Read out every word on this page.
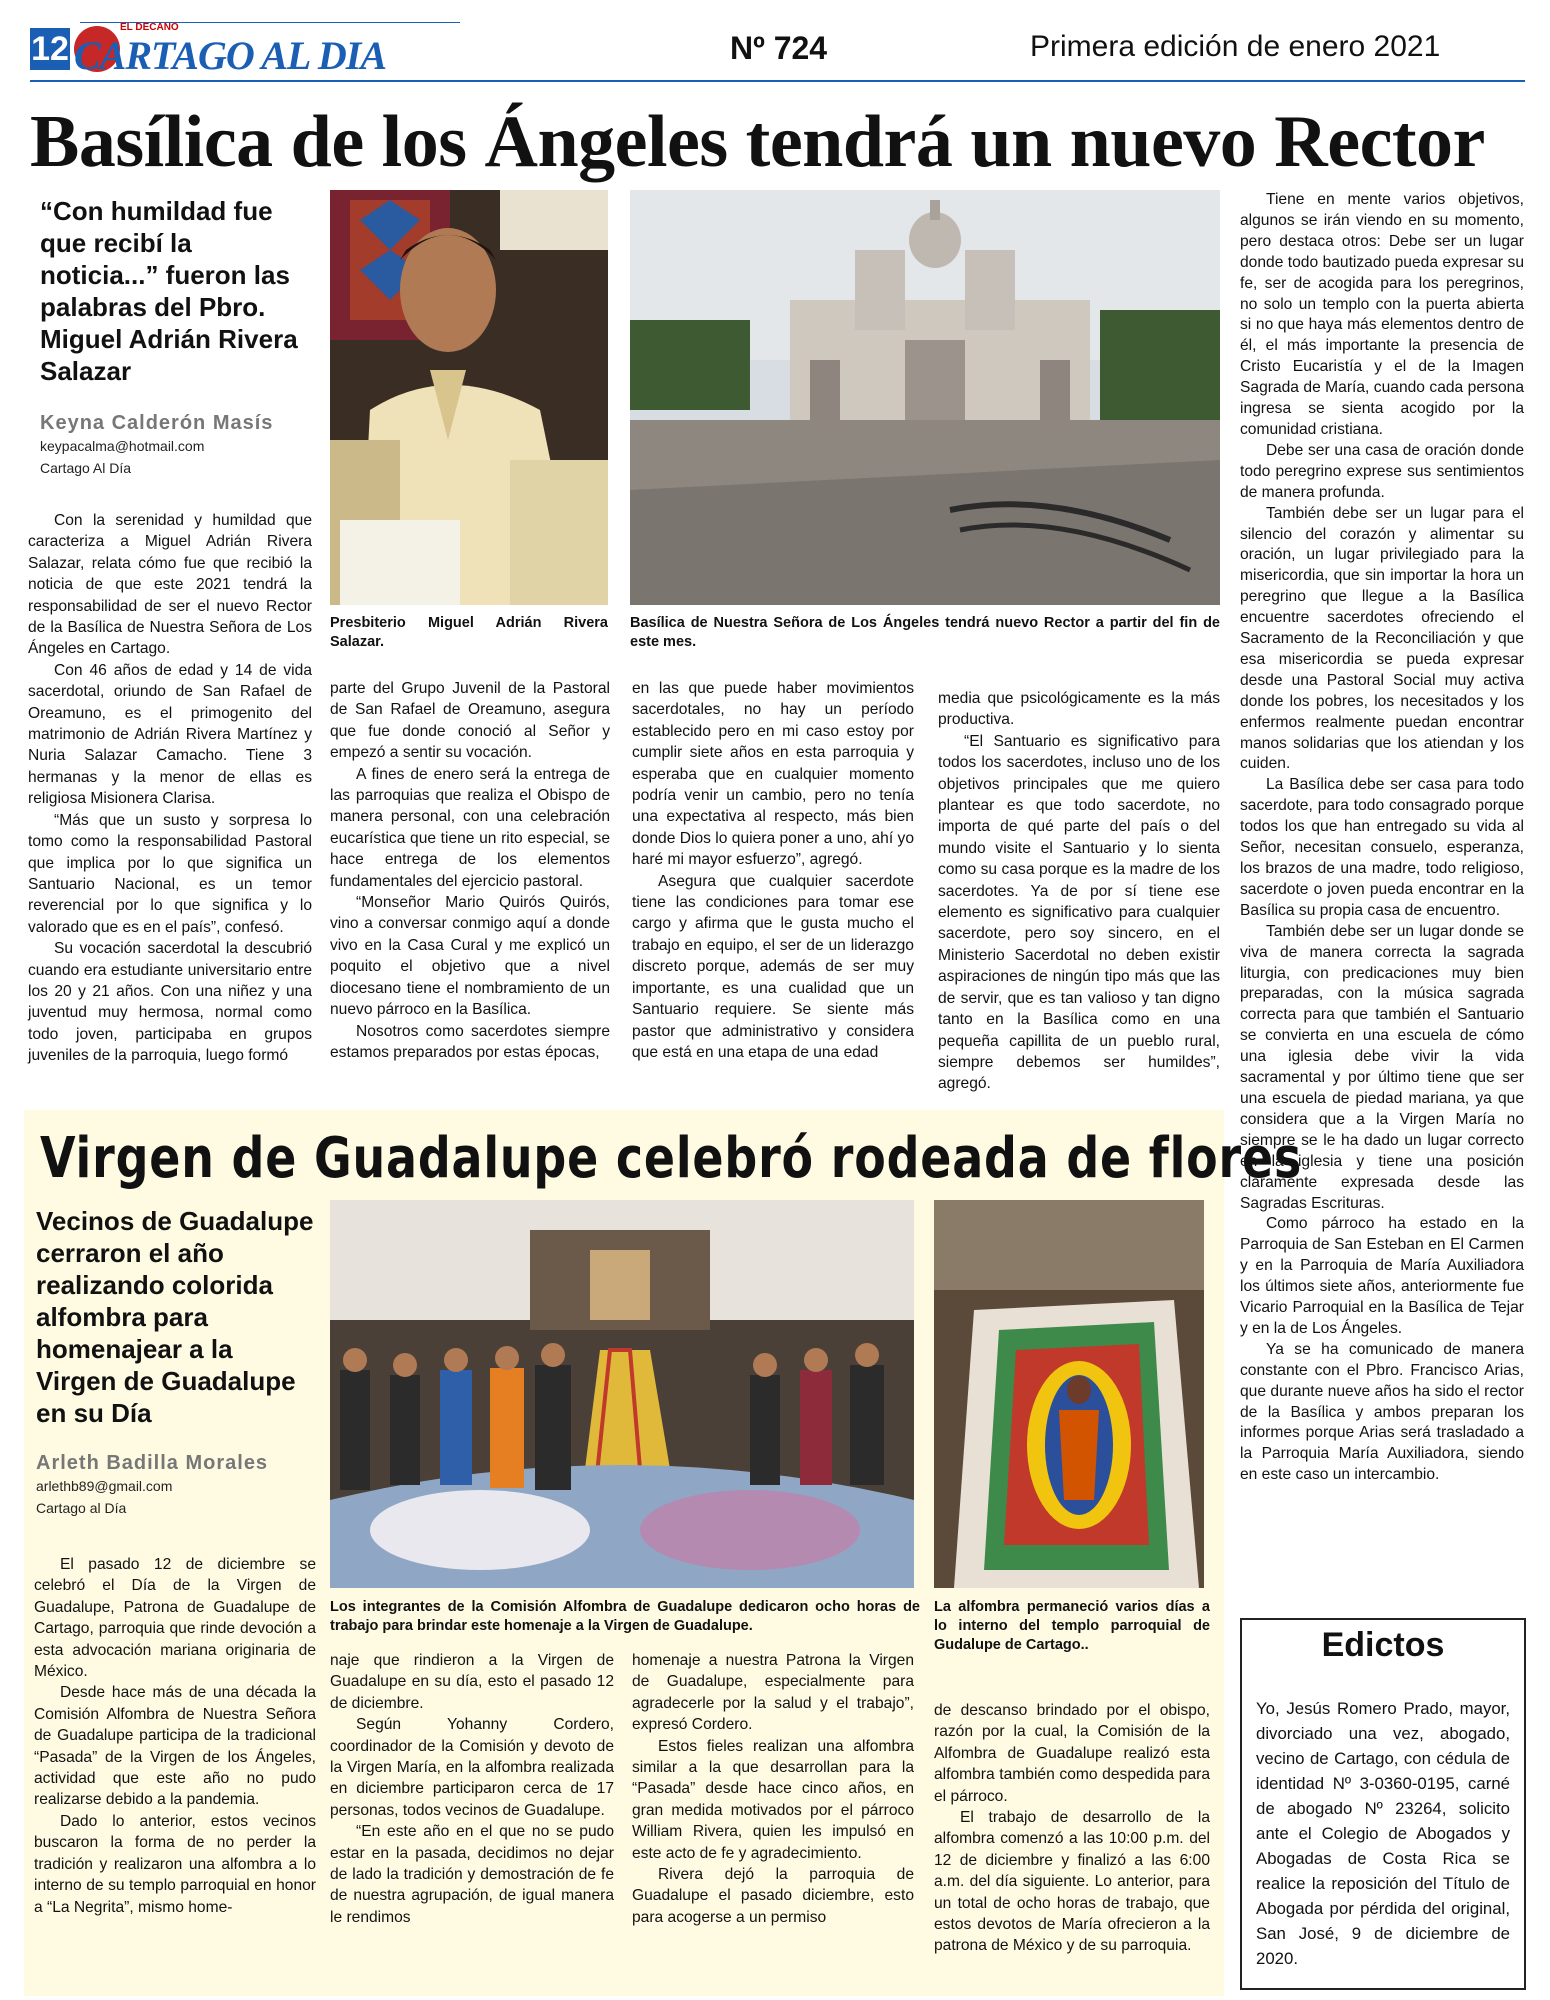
12
EL DECANO
CARTAGO AL DIA	Nº 724	Primera edición de enero 2021
Basílica de los Ángeles tendrá un nuevo Rector
“Con humildad fue que recibí la noticia...” fueron las palabras del Pbro. Miguel Adrián Rivera Salazar
Keyna Calderón Masís
keypacalma@hotmail.com
Cartago Al Día
Presbiterio Miguel Adrián Rivera Salazar.
Basílica de Nuestra Señora de Los Ángeles tendrá nuevo Rector a partir del fin de este mes.

Con la serenidad y humildad que caracteriza a Miguel Adrián Rivera Salazar, relata cómo fue que recibió la noticia de que este 2021 tendrá la responsabilidad de ser el nuevo Rector de la Basílica de Nuestra Señora de Los Ángeles en Cartago.

Con 46 años de edad y 14 de vida sacerdotal, oriundo de San Rafael de Oreamuno, es el primogenito del matrimonio de Adrián Rivera Martínez y Nuria Salazar Camacho. Tiene 3 hermanas y la menor de ellas es religiosa Misionera Clarisa.

“Más que un susto y sorpresa lo tomo como la responsabilidad Pastoral que implica por lo que significa un Santuario Nacional, es un temor reverencial por lo que significa y lo valorado que es en el país”, confesó.

Su vocación sacerdotal la descubrió cuando era estudiante universitario entre los 20 y 21 años. Con una niñez y una juventud muy hermosa, normal como todo joven, participaba en grupos juveniles de la parroquia, luego formó

parte del Grupo Juvenil de la Pastoral de San Rafael de Oreamuno, asegura que fue donde conoció al Señor y empezó a sentir su vocación.

A fines de enero será la entrega de las parroquias que realiza el Obispo de manera personal, con una celebración eucarística que tiene un rito especial, se hace entrega de los elementos fundamentales del ejercicio pastoral.

“Monseñor Mario Quirós Quirós, vino a conversar conmigo aquí a donde vivo en la Casa Cural y me explicó un poquito el objetivo que a nivel diocesano tiene el nombramiento de un nuevo párroco en la Basílica.

Nosotros como sacerdotes siempre estamos preparados por estas épocas,

en las que puede haber movimientos sacerdotales, no hay un período establecido pero en mi caso estoy por cumplir siete años en esta parroquia y esperaba que en cualquier momento podría venir un cambio, pero no tenía una expectativa al respecto, más bien donde Dios lo quiera poner a uno, ahí yo haré mi mayor esfuerzo”, agregó.

Asegura que cualquier sacerdote tiene las condiciones para tomar ese cargo y afirma que le gusta mucho el trabajo en equipo, el ser de un liderazgo discreto porque, además de ser muy importante, es una cualidad que un Santuario requiere. Se siente más pastor que administrativo y considera que está en una etapa de una edad

media que psicológicamente es la más productiva.

“El Santuario es significativo para todos los sacerdotes, incluso uno de los objetivos principales que me quiero plantear es que todo sacerdote, no importa de qué parte del país o del mundo visite el Santuario y lo sienta como su casa porque es la madre de los sacerdotes. Ya de por sí tiene ese elemento es significativo para cualquier sacerdote, pero soy sincero, en el Ministerio Sacerdotal no deben existir aspiraciones de ningún tipo más que las de servir, que es tan valioso y tan digno tanto en la Basílica como en una pequeña capillita de un pueblo rural, siempre debemos ser humildes”, agregó.

Tiene en mente varios objetivos, algunos se irán viendo en su momento, pero destaca otros: Debe ser un lugar donde todo bautizado pueda expresar su fe, ser de acogida para los peregrinos, no solo un templo con la puerta abierta si no que haya más elementos dentro de él, el más importante la presencia de Cristo Eucaristía y el de la Imagen Sagrada de María, cuando cada persona ingresa se sienta acogido por la comunidad cristiana.

Debe ser una casa de oración donde todo peregrino exprese sus sentimientos de manera profunda.

También debe ser un lugar para el silencio del corazón y alimentar su oración, un lugar privilegiado para la misericordia, que sin importar la hora un peregrino que llegue a la Basílica encuentre sacerdotes ofreciendo el Sacramento de la Reconciliación y que esa misericordia se pueda expresar desde una Pastoral Social muy activa donde los pobres, los necesitados y los enfermos realmente puedan encontrar manos solidarias que los atiendan y los cuiden.

La Basílica debe ser casa para todo sacerdote, para todo consagrado porque todos los que han entregado su vida al Señor, necesitan consuelo, esperanza, los brazos de una madre, todo religioso, sacerdote o joven pueda encontrar en la Basílica su propia casa de encuentro.

También debe ser un lugar donde se viva de manera correcta la sagrada liturgia, con predicaciones muy bien preparadas, con la música sagrada correcta para que también el Santuario se convierta en una escuela de cómo una iglesia debe vivir la vida sacramental y por último tiene que ser una escuela de piedad mariana, ya que considera que a la Virgen María no siempre se le ha dado un lugar correcto en la iglesia y tiene una posición claramente expresada desde las Sagradas Escrituras.

Como párroco ha estado en la Parroquia de San Esteban en El Carmen y en la Parroquia de María Auxiliadora los últimos siete años, anteriormente fue Vicario Parroquial en la Basílica de Tejar y en la de Los Ángeles.

Ya se ha comunicado de manera constante con el Pbro. Francisco Arias, que durante nueve años ha sido el rector de la Basílica y ambos preparan los informes porque Arias será trasladado a la Parroquia María Auxiliadora, siendo en este caso un intercambio.

Virgen de Guadalupe celebró rodeada de flores
Vecinos de Guadalupe cerraron el año realizando colorida alfombra para homenajear a la Virgen de Guadalupe en su Día
Arleth Badilla Morales
arlethb89@gmail.com
Cartago al Día
Los integrantes de la Comisión Alfombra de Guadalupe dedicaron ocho horas de trabajo para brindar este homenaje a la Virgen de Guadalupe.
La alfombra permaneció varios días a lo interno del templo parroquial de Gudalupe de Cartago..

El pasado 12 de diciembre se celebró el Día de la Virgen de Guadalupe, Patrona de Guadalupe de Cartago, parroquia que rinde devoción a esta advocación mariana originaria de México.

Desde hace más de una década la Comisión Alfombra de Nuestra Señora de Guadalupe participa de la tradicional “Pasada” de la Virgen de los Ángeles, actividad que este año no pudo realizarse debido a la pandemia.

Dado lo anterior, estos vecinos buscaron la forma de no perder la tradición y realizaron una alfombra a lo interno de su templo parroquial en honor a “La Negrita”, mismo home-

naje que rindieron a la Virgen de Guadalupe en su día, esto el pasado 12 de diciembre.

Según Yohanny Cordero, coordinador de la Comisión y devoto de la Virgen María, en la alfombra realizada en diciembre participaron cerca de 17 personas, todos vecinos de Guadalupe.

“En este año en el que no se pudo estar en la pasada, decidimos no dejar de lado la tradición y demostración de fe de nuestra agrupación, de igual manera le rendimos

homenaje a nuestra Patrona la Virgen de Guadalupe, especialmente para agradecerle por la salud y el trabajo”, expresó Cordero.

Estos fieles realizan una alfombra similar a la que desarrollan para la “Pasada” desde hace cinco años, en gran medida motivados por el párroco William Rivera, quien les impulsó en este acto de fe y agradecimiento.

Rivera dejó la parroquia de Guadalupe el pasado diciembre, esto para acogerse a un permiso

de descanso brindado por el obispo, razón por la cual, la Comisión de la Alfombra de Guadalupe realizó esta alfombra también como despedida para el párroco.

El trabajo de desarrollo de la alfombra comenzó a las 10:00 p.m. del 12 de diciembre y finalizó a las 6:00 a.m. del día siguiente. Lo anterior, para un total de ocho horas de trabajo, que estos devotos de María ofrecieron a la patrona de México y de su parroquia.

Edictos
Yo, Jesús Romero Prado, mayor, divorciado una vez, abogado, vecino de Cartago, con cédula de identidad Nº 3-0360-0195, carné de abogado Nº 23264, solicito ante el Colegio de Abogados y Abogadas de Costa Rica se realice la reposición del Título de Abogada por pérdida del original, San José, 9 de diciembre de 2020.
